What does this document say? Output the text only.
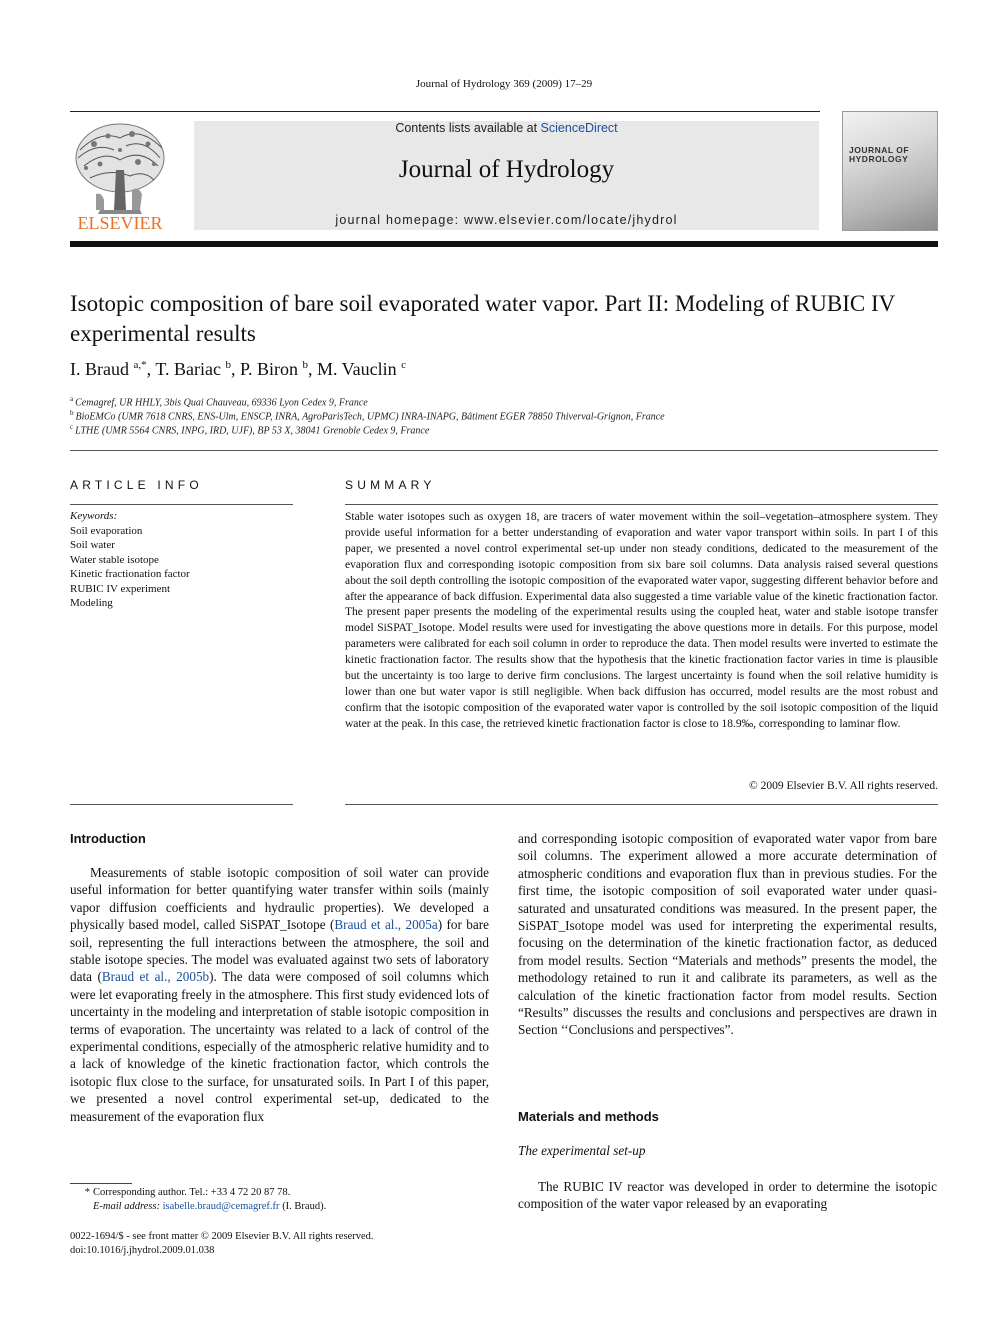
Journal of Hydrology 369 (2009) 17–29
ELSEVIER
Contents lists available at ScienceDirect
Journal of Hydrology
journal homepage: www.elsevier.com/locate/jhydrol
JOURNAL OF HYDROLOGY
Isotopic composition of bare soil evaporated water vapor. Part II: Modeling of RUBIC IV experimental results
I. Braud $^{a,*}$, T. Bariac $^b$, P. Biron $^b$, M. Vauclin $^c$
$^a$ Cemagref, UR HHLY, 3bis Quai Chauveau, 69336 Lyon Cedex 9, France
$^b$ BioEMCo (UMR 7618 CNRS, ENS-Ulm, ENSCP, INRA, AgroParisTech, UPMC) INRA-INAPG, Bâtiment EGER 78850 Thiverval-Grignon, France
$^c$ LTHE (UMR 5564 CNRS, INPG, IRD, UJF), BP 53 X, 38041 Grenoble Cedex 9, France
ARTICLE INFO	SUMMARY
Keywords:
Soil evaporation
Soil water
Water stable isotope
Kinetic fractionation factor
RUBIC IV experiment
Modeling
Stable water isotopes such as oxygen 18, are tracers of water movement within the soil–vegetation–atmosphere system. They provide useful information for a better understanding of evaporation and water vapor transport within soils. In part I of this paper, we presented a novel control experimental set-up under non steady conditions, dedicated to the measurement of the evaporation flux and corresponding isotopic composition from six bare soil columns. Data analysis raised several questions about the soil depth controlling the isotopic composition of the evaporated water vapor, suggesting different behavior before and after the appearance of back diffusion. Experimental data also suggested a time variable value of the kinetic fractionation factor. The present paper presents the modeling of the experimental results using the coupled heat, water and stable isotope transfer model SiSPAT_Isotope. Model results were used for investigating the above questions more in details. For this purpose, model parameters were calibrated for each soil column in order to reproduce the data. Then model results were inverted to estimate the kinetic fractionation factor. The results show that the hypothesis that the kinetic fractionation factor varies in time is plausible but the uncertainty is too large to derive firm conclusions. The largest uncertainty is found when the soil relative humidity is lower than one but water vapor is still negligible. When back diffusion has occurred, model results are the most robust and confirm that the isotopic composition of the evaporated water vapor is controlled by the soil isotopic composition of the liquid water at the peak. In this case, the retrieved kinetic fractionation factor is close to 18.9‰, corresponding to laminar flow.
© 2009 Elsevier B.V. All rights reserved.
Introduction

Measurements of stable isotopic composition of soil water can provide useful information for better quantifying water transfer within soils (mainly vapor diffusion coefficients and hydraulic properties). We developed a physically based model, called SiSPAT_Isotope (Braud et al., 2005a) for bare soil, representing the full interactions between the atmosphere, the soil and stable isotope species. The model was evaluated against two sets of laboratory data (Braud et al., 2005b). The data were composed of soil columns which were let evaporating freely in the atmosphere. This first study evidenced lots of uncertainty in the modeling and interpretation of stable isotopic composition in terms of evaporation. The uncertainty was related to a lack of control of the experimental conditions, especially of the atmospheric relative humidity and to a lack of knowledge of the kinetic fractionation factor, which controls the isotopic flux close to the surface, for unsaturated soils. In Part I of this paper, we presented a novel control experimental set-up, dedicated to the measurement of the evaporation flux

and corresponding isotopic composition of evaporated water vapor from bare soil columns. The experiment allowed a more accurate determination of atmospheric conditions and evaporation flux than in previous studies. For the first time, the isotopic composition of soil evaporated water under quasi-saturated and unsaturated conditions was measured. In the present paper, the SiSPAT_Isotope model was used for interpreting the experimental results, focusing on the determination of the kinetic fractionation factor, as deduced from model results. Section “Materials and methods” presents the model, the methodology retained to run it and calibrate its parameters, as well as the calculation of the kinetic fractionation factor from model results. Section “Results” discusses the results and conclusions and perspectives are drawn in Section ‘‘Conclusions and perspectives”.
Materials and methods
The experimental set-up

The RUBIC IV reactor was developed in order to determine the isotopic composition of the water vapor released by an evaporating

* Corresponding author. Tel.: +33 4 72 20 87 78.
E-mail address: isabelle.braud@cemagref.fr (I. Braud).
0022-1694/$ - see front matter © 2009 Elsevier B.V. All rights reserved.
doi:10.1016/j.jhydrol.2009.01.038
